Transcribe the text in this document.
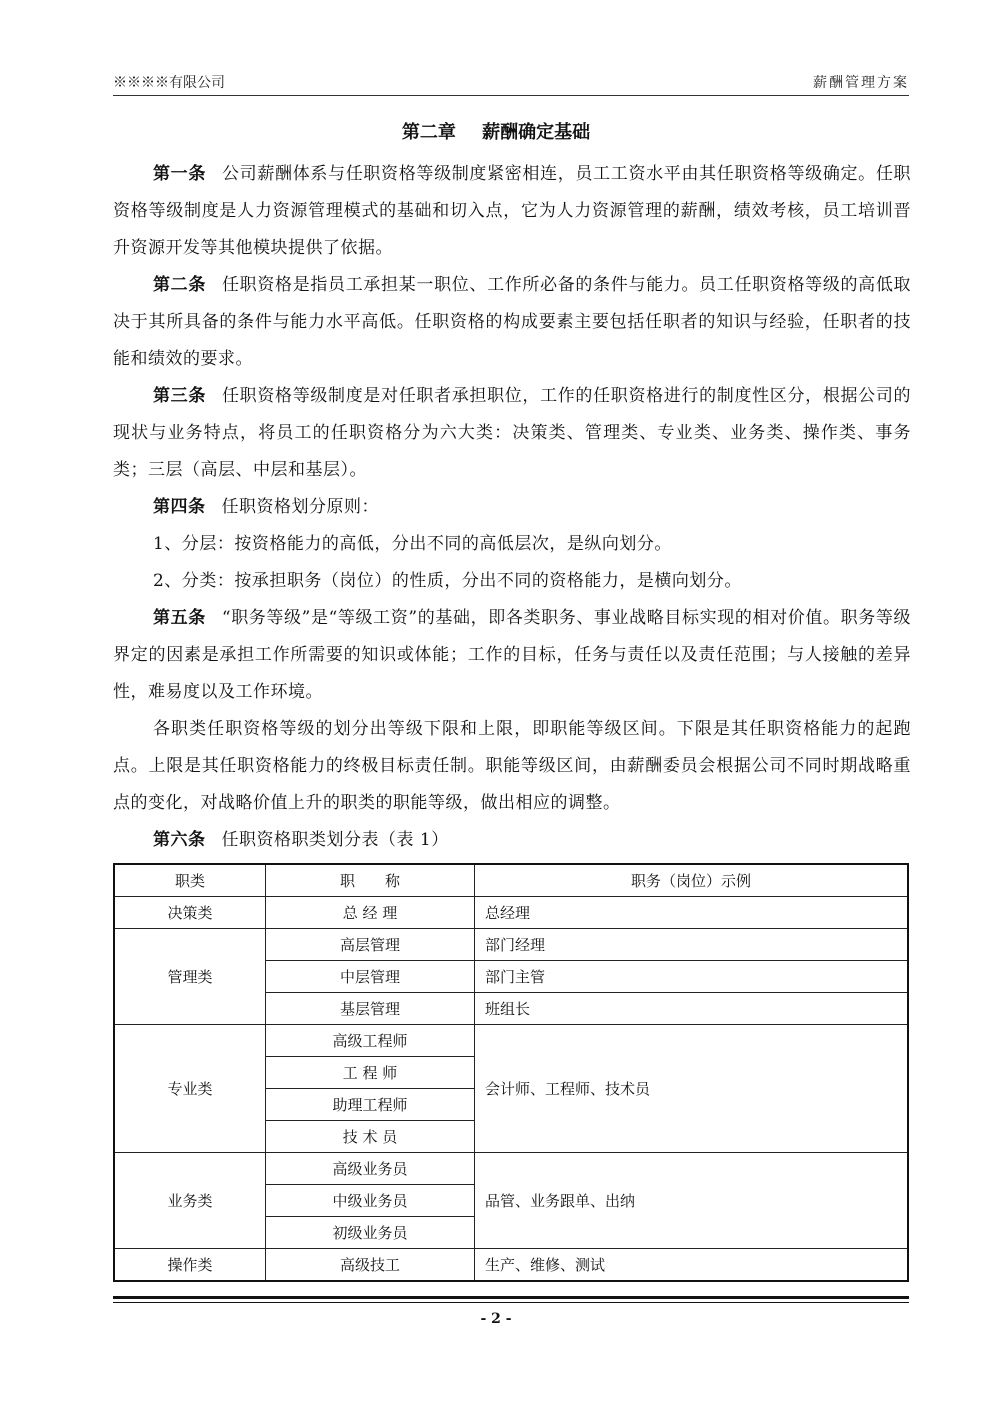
※※※※有限公司	薪酬管理方案
第二章 薪酬确定基础

第一条 公司薪酬体系与任职资格等级制度紧密相连，员工工资水平由其任职资格等级确定。任职资格等级制度是人力资源管理模式的基础和切入点，它为人力资源管理的薪酬，绩效考核，员工培训晋升资源开发等其他模块提供了依据。

第二条 任职资格是指员工承担某一职位、工作所必备的条件与能力。员工任职资格等级的高低取决于其所具备的条件与能力水平高低。任职资格的构成要素主要包括任职者的知识与经验，任职者的技能和绩效的要求。

第三条 任职资格等级制度是对任职者承担职位，工作的任职资格进行的制度性区分，根据公司的现状与业务特点，将员工的任职资格分为六大类：决策类、管理类、专业类、业务类、操作类、事务类；三层（高层、中层和基层）。

第四条 任职资格划分原则：

1、分层：按资格能力的高低，分出不同的高低层次，是纵向划分。

2、分类：按承担职务（岗位）的性质，分出不同的资格能力，是横向划分。

第五条 “职务等级”是“等级工资”的基础，即各类职务、事业战略目标实现的相对价值。职务等级界定的因素是承担工作所需要的知识或体能；工作的目标，任务与责任以及责任范围；与人接触的差异性，难易度以及工作环境。

各职类任职资格等级的划分出等级下限和上限，即职能等级区间。下限是其任职资格能力的起跑点。上限是其任职资格能力的终极目标责任制。职能等级区间，由薪酬委员会根据公司不同时期战略重点的变化，对战略价值上升的职类的职能等级，做出相应的调整。

第六条 任职资格职类划分表（表 1）

职类	职　　称	职务（岗位）示例
决策类	总 经 理	总经理
管理类	高层管理	部门经理
	中层管理	部门主管
	基层管理	班组长
专业类	高级工程师	会计师、工程师、技术员
	工 程 师	
	助理工程师	
	技 术 员	
业务类	高级业务员	品管、业务跟单、出纳
	中级业务员	
	初级业务员	
操作类	高级技工	生产、维修、测试
- 2 -
